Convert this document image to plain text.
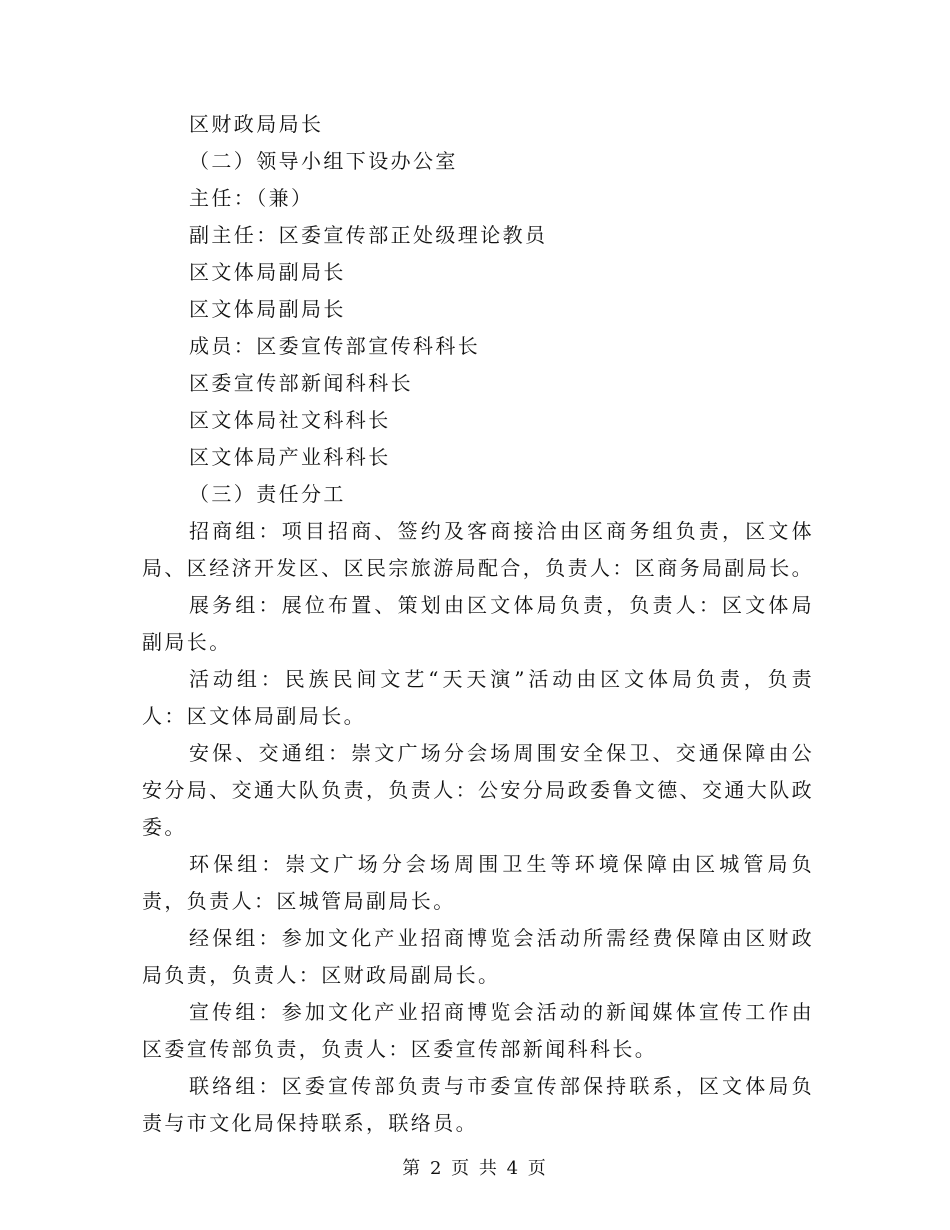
区财政局局长
（二）领导小组下设办公室
主任：（兼）
副主任：区委宣传部正处级理论教员
区文体局副局长
区文体局副局长
成员：区委宣传部宣传科科长
区委宣传部新闻科科长
区文体局社文科科长
区文体局产业科科长
（三）责任分工

招商组：项目招商、签约及客商接洽由区商务组负责，区文体局、区经济开发区、区民宗旅游局配合，负责人：区商务局副局长。

展务组：展位布置、策划由区文体局负责，负责人：区文体局副局长。

活动组：民族民间文艺“天天演”活动由区文体局负责，负责人：区文体局副局长。

安保、交通组：崇文广场分会场周围安全保卫、交通保障由公安分局、交通大队负责，负责人：公安分局政委鲁文德、交通大队政委。

环保组：崇文广场分会场周围卫生等环境保障由区城管局负责，负责人：区城管局副局长。

经保组：参加文化产业招商博览会活动所需经费保障由区财政局负责，负责人：区财政局副局长。

宣传组：参加文化产业招商博览会活动的新闻媒体宣传工作由区委宣传部负责，负责人：区委宣传部新闻科科长。

联络组：区委宣传部负责与市委宣传部保持联系，区文体局负责与市文化局保持联系，联络员。

第 2 页 共 4 页
